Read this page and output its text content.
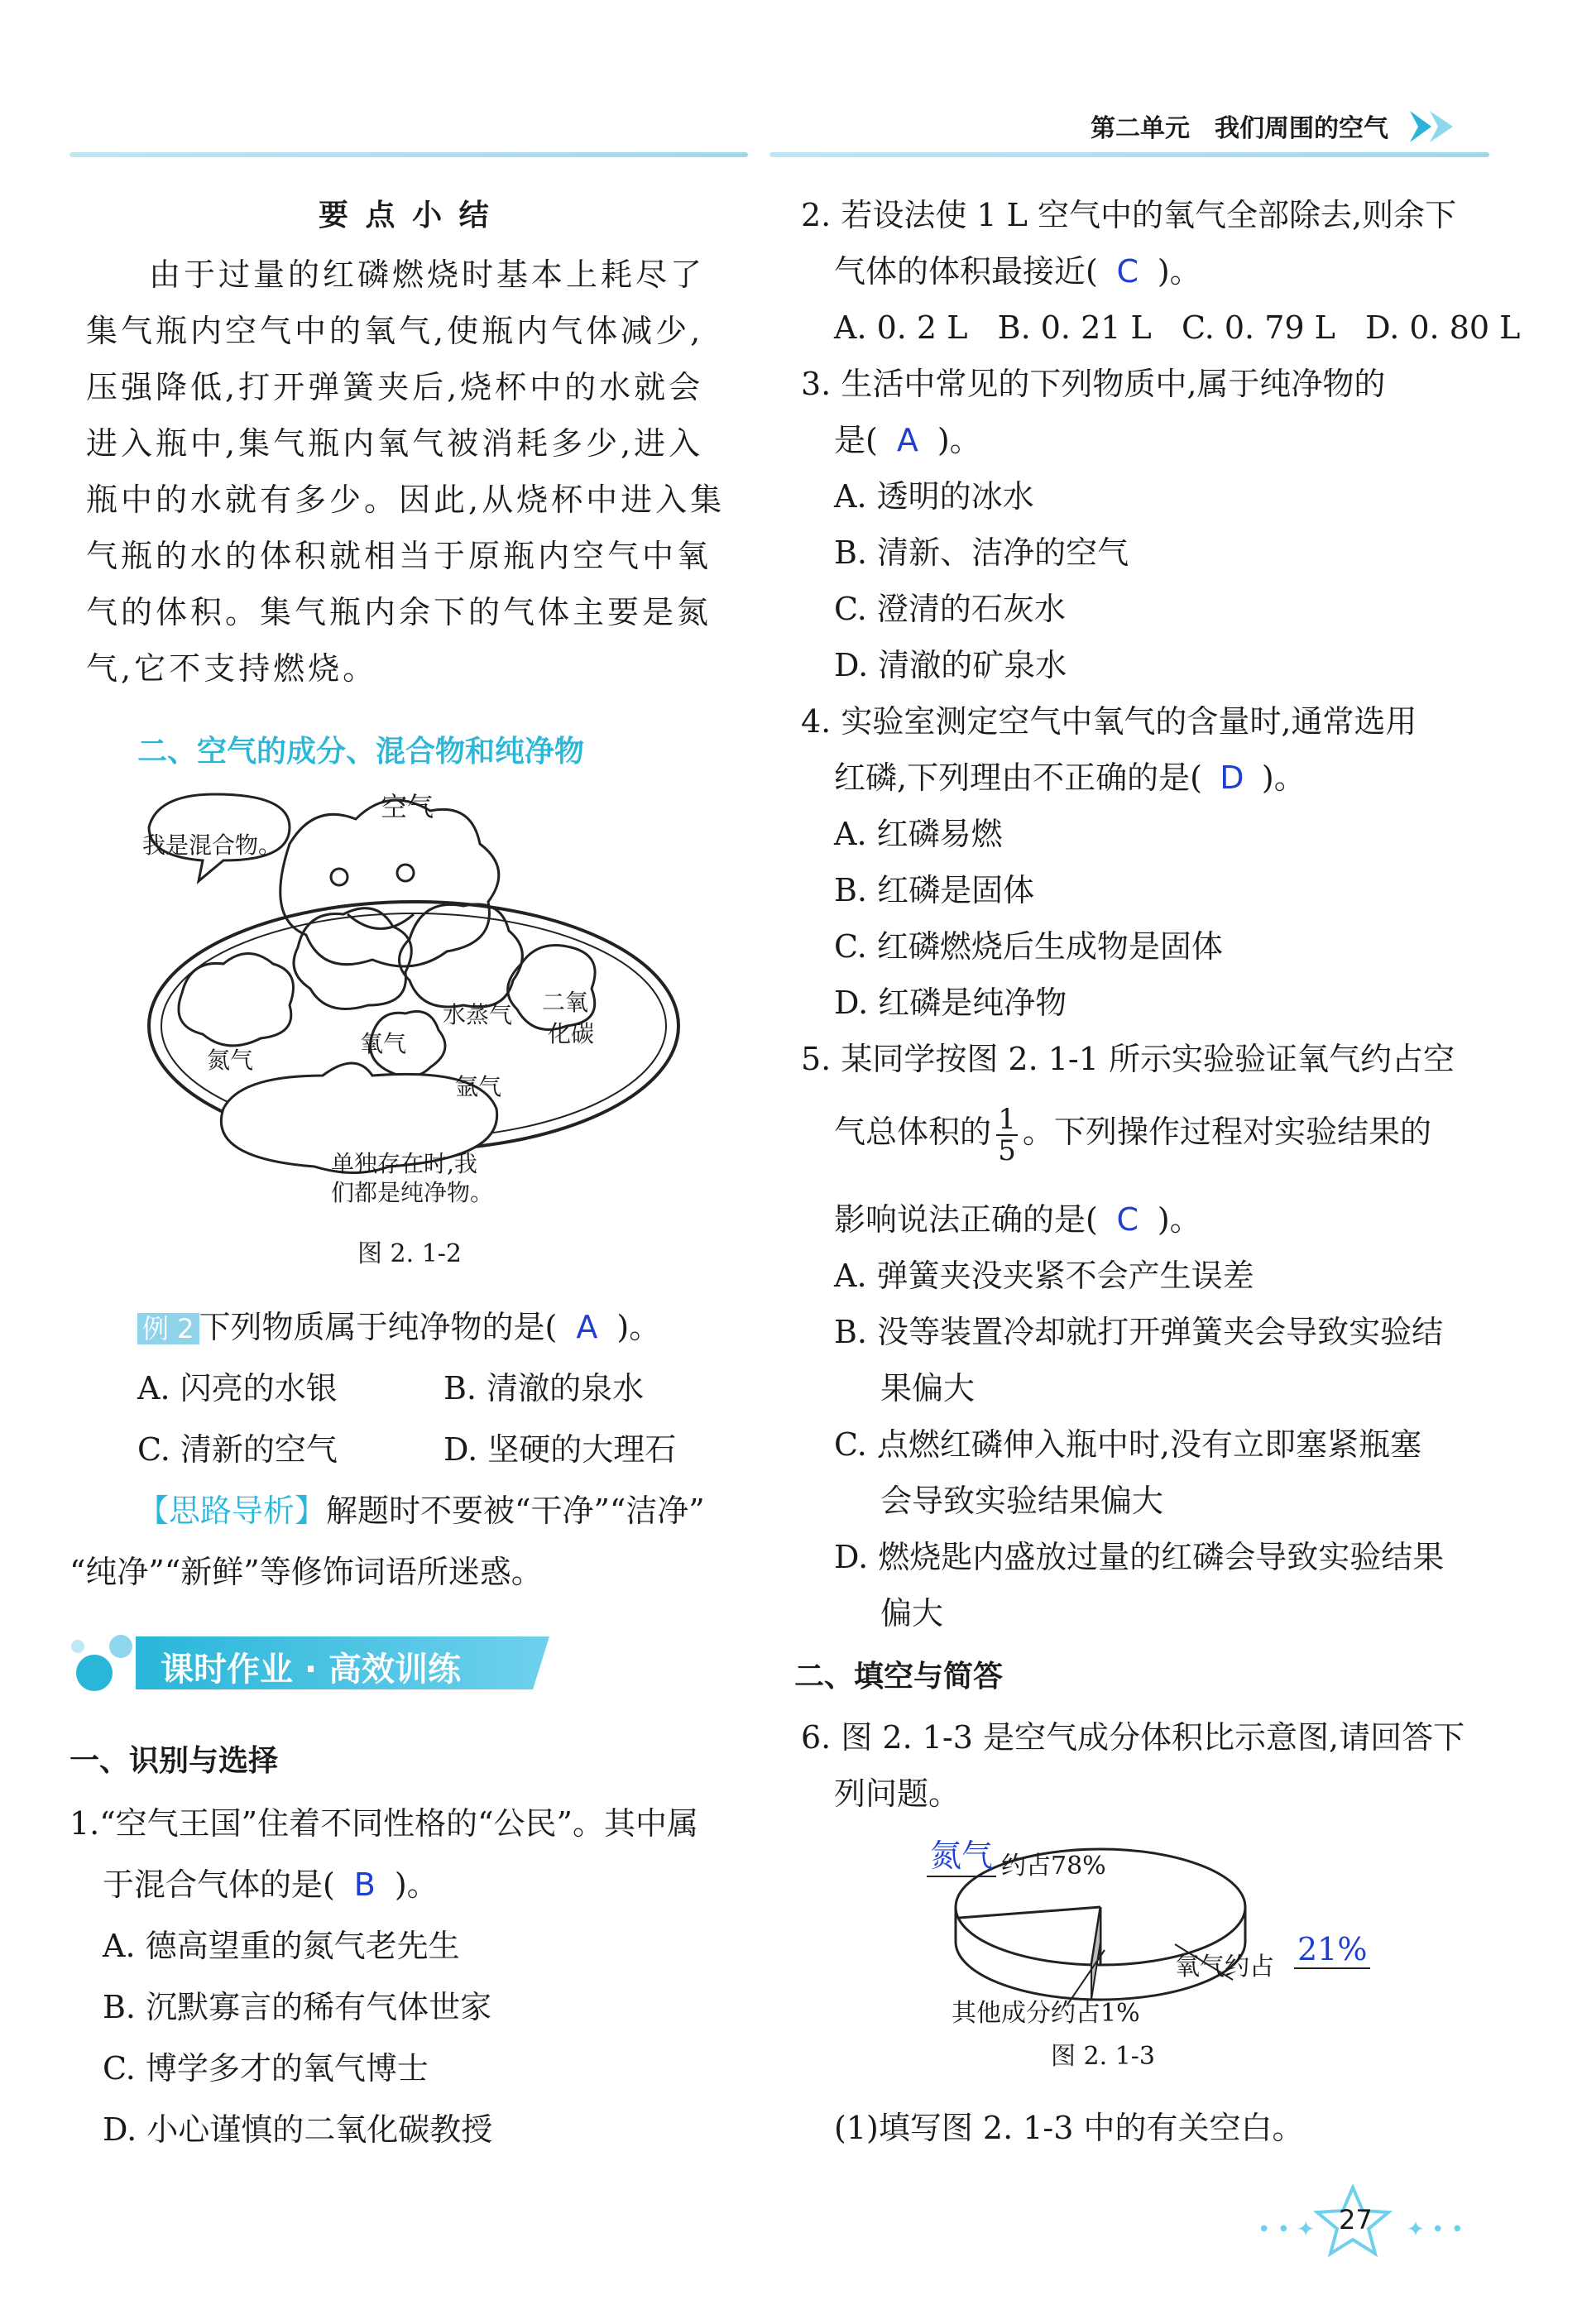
第二单元 我们周围的空气
要 点 小 结
由于过量的红磷燃烧时基本上耗尽了
集气瓶内空气中的氧气,使瓶内气体减少,
压强降低,打开弹簧夹后,烧杯中的水就会
进入瓶中,集气瓶内氧气被消耗多少,进入
瓶中的水就有多少。因此,从烧杯中进入集
气瓶的水的体积就相当于原瓶内空气中氧
气的体积。集气瓶内余下的气体主要是氮
气,它不支持燃烧。
二、空气的成分、混合物和纯净物
空气
我是混合物。
氮气
氧气
水蒸气 二氧
化碳
氩气
单独存在时,我
们都是纯净物。
图 2. 1-2
例 2 下列物质属于纯净物的是( A )。
A. 闪亮的水银	B. 清澈的泉水
C. 清新的空气	D. 坚硬的大理石
【思路导析】解题时不要被“干净”“洁净”
“纯净”“新鲜”等修饰词语所迷惑。
课时作业 · 高效训练
一、识别与选择
1.“空气王国”住着不同性格的“公民”。其中属
于混合气体的是( B )。
A. 德高望重的氮气老先生
B. 沉默寡言的稀有气体世家
C. 博学多才的氧气博士
D. 小心谨慎的二氧化碳教授
2. 若设法使 1 L 空气中的氧气全部除去,则余下
气体的体积最接近( C )。
A. 0. 2 L   B. 0. 21 L   C. 0. 79 L   D. 0. 80 L
3. 生活中常见的下列物质中,属于纯净物的
是( A )。
A. 透明的冰水
B. 清新、洁净的空气
C. 澄清的石灰水
D. 清澈的矿泉水
4. 实验室测定空气中氧气的含量时,通常选用
红磷,下列理由不正确的是( D )。
A. 红磷易燃
B. 红磷是固体
C. 红磷燃烧后生成物是固体
D. 红磷是纯净物
5. 某同学按图 2. 1-1 所示实验验证氧气约占空
气总体积的 $\frac{1}{5}$ 。下列操作过程对实验结果的
影响说法正确的是( C )。
A. 弹簧夹没夹紧不会产生误差
B. 没等装置冷却就打开弹簧夹会导致实验结
果偏大
C. 点燃红磷伸入瓶中时,没有立即塞紧瓶塞
会导致实验结果偏大
D. 燃烧匙内盛放过量的红磷会导致实验结果
偏大
二、填空与简答
6. 图 2. 1-3 是空气成分体积比示意图,请回答下
列问题。
氮气 约占78%
氧气约占 21%
其他成分约占1%
图 2. 1-3
(1)填写图 2. 1-3 中的有关空白。
27
• • ✦	✦ • •
